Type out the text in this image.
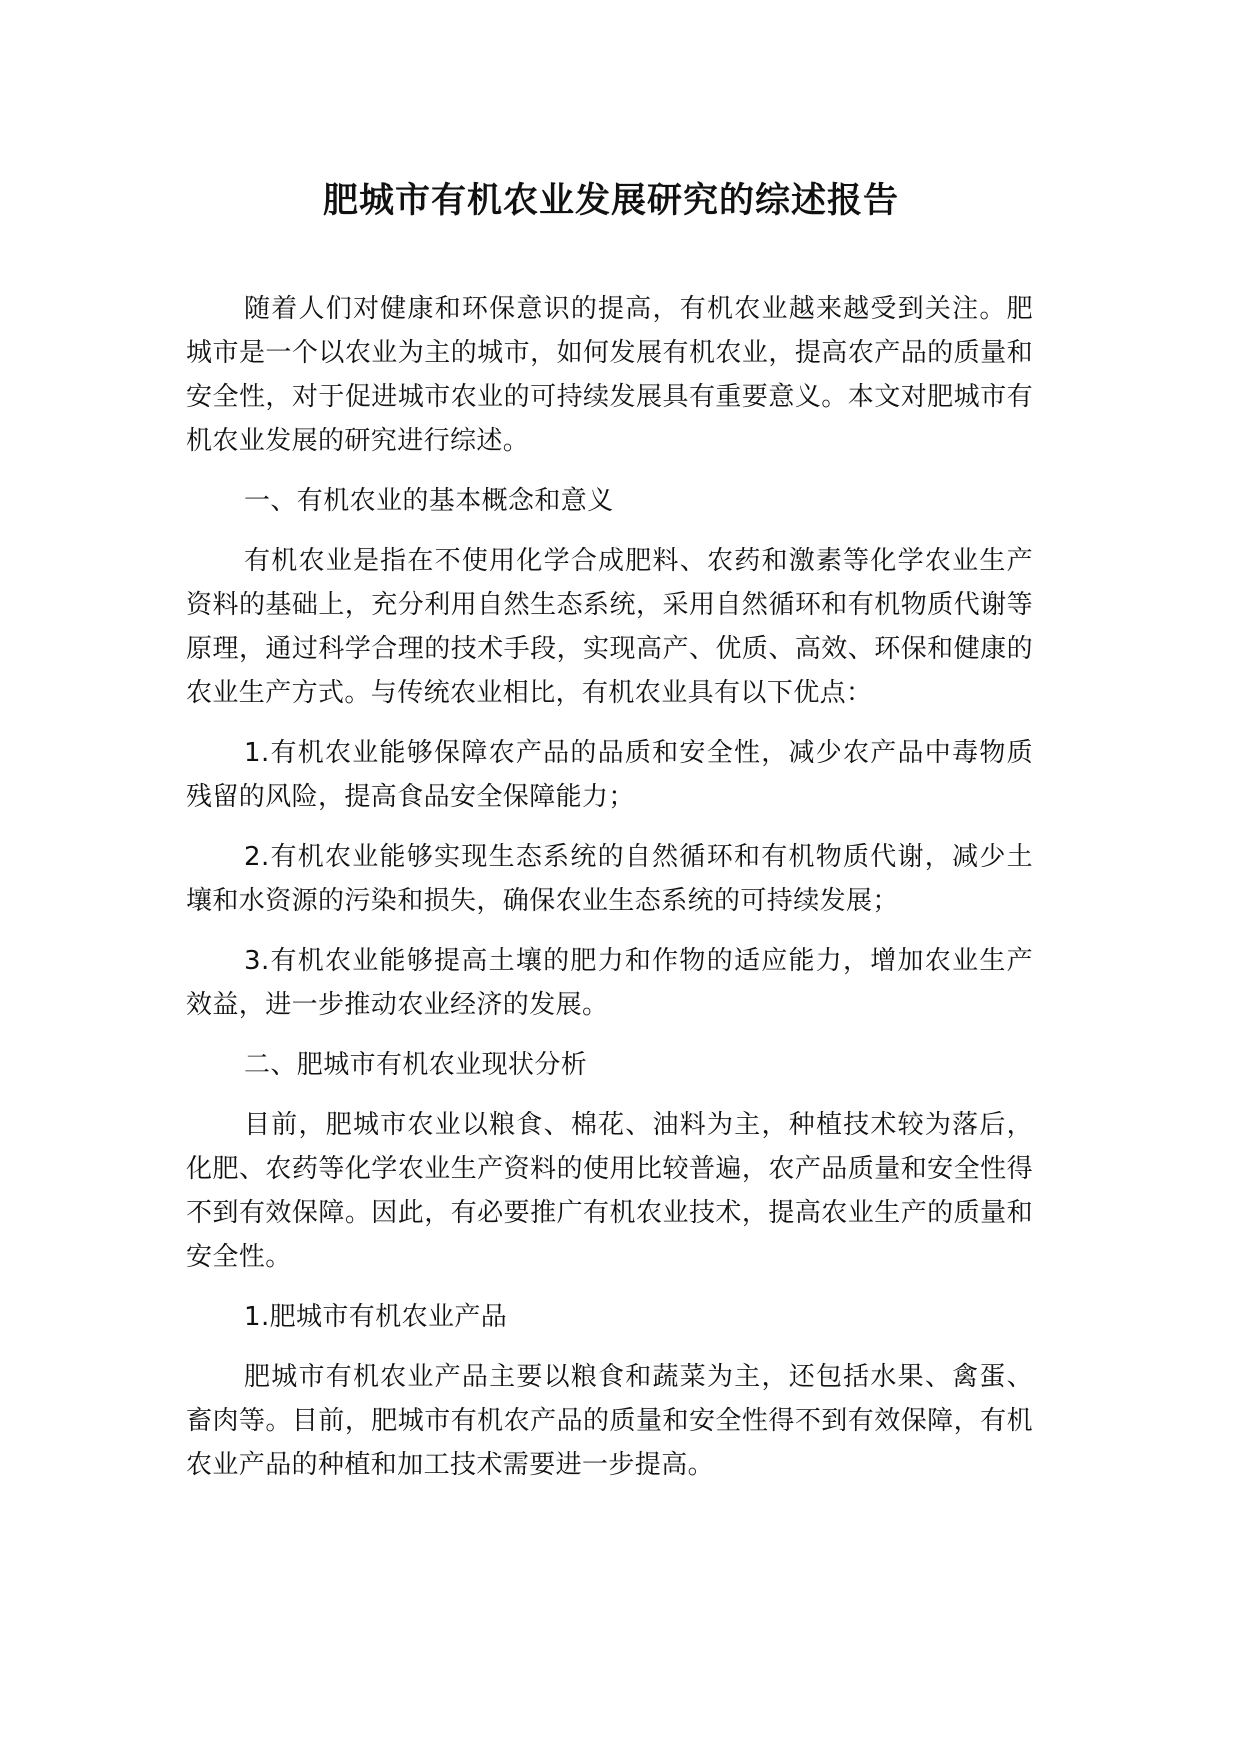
肥城市有机农业发展研究的综述报告

随着人们对健康和环保意识的提高，有机农业越来越受到关注。肥城市是一个以农业为主的城市，如何发展有机农业，提高农产品的质量和安全性，对于促进城市农业的可持续发展具有重要意义。本文对肥城市有机农业发展的研究进行综述。

一、有机农业的基本概念和意义

有机农业是指在不使用化学合成肥料、农药和激素等化学农业生产资料的基础上，充分利用自然生态系统，采用自然循环和有机物质代谢等原理，通过科学合理的技术手段，实现高产、优质、高效、环保和健康的农业生产方式。与传统农业相比，有机农业具有以下优点：

1.有机农业能够保障农产品的品质和安全性，减少农产品中毒物质残留的风险，提高食品安全保障能力；

2.有机农业能够实现生态系统的自然循环和有机物质代谢，减少土壤和水资源的污染和损失，确保农业生态系统的可持续发展；

3.有机农业能够提高土壤的肥力和作物的适应能力，增加农业生产效益，进一步推动农业经济的发展。

二、肥城市有机农业现状分析

目前，肥城市农业以粮食、棉花、油料为主，种植技术较为落后，化肥、农药等化学农业生产资料的使用比较普遍，农产品质量和安全性得不到有效保障。因此，有必要推广有机农业技术，提高农业生产的质量和安全性。

1.肥城市有机农业产品

肥城市有机农业产品主要以粮食和蔬菜为主，还包括水果、禽蛋、畜肉等。目前，肥城市有机农产品的质量和安全性得不到有效保障，有机农业产品的种植和加工技术需要进一步提高。
